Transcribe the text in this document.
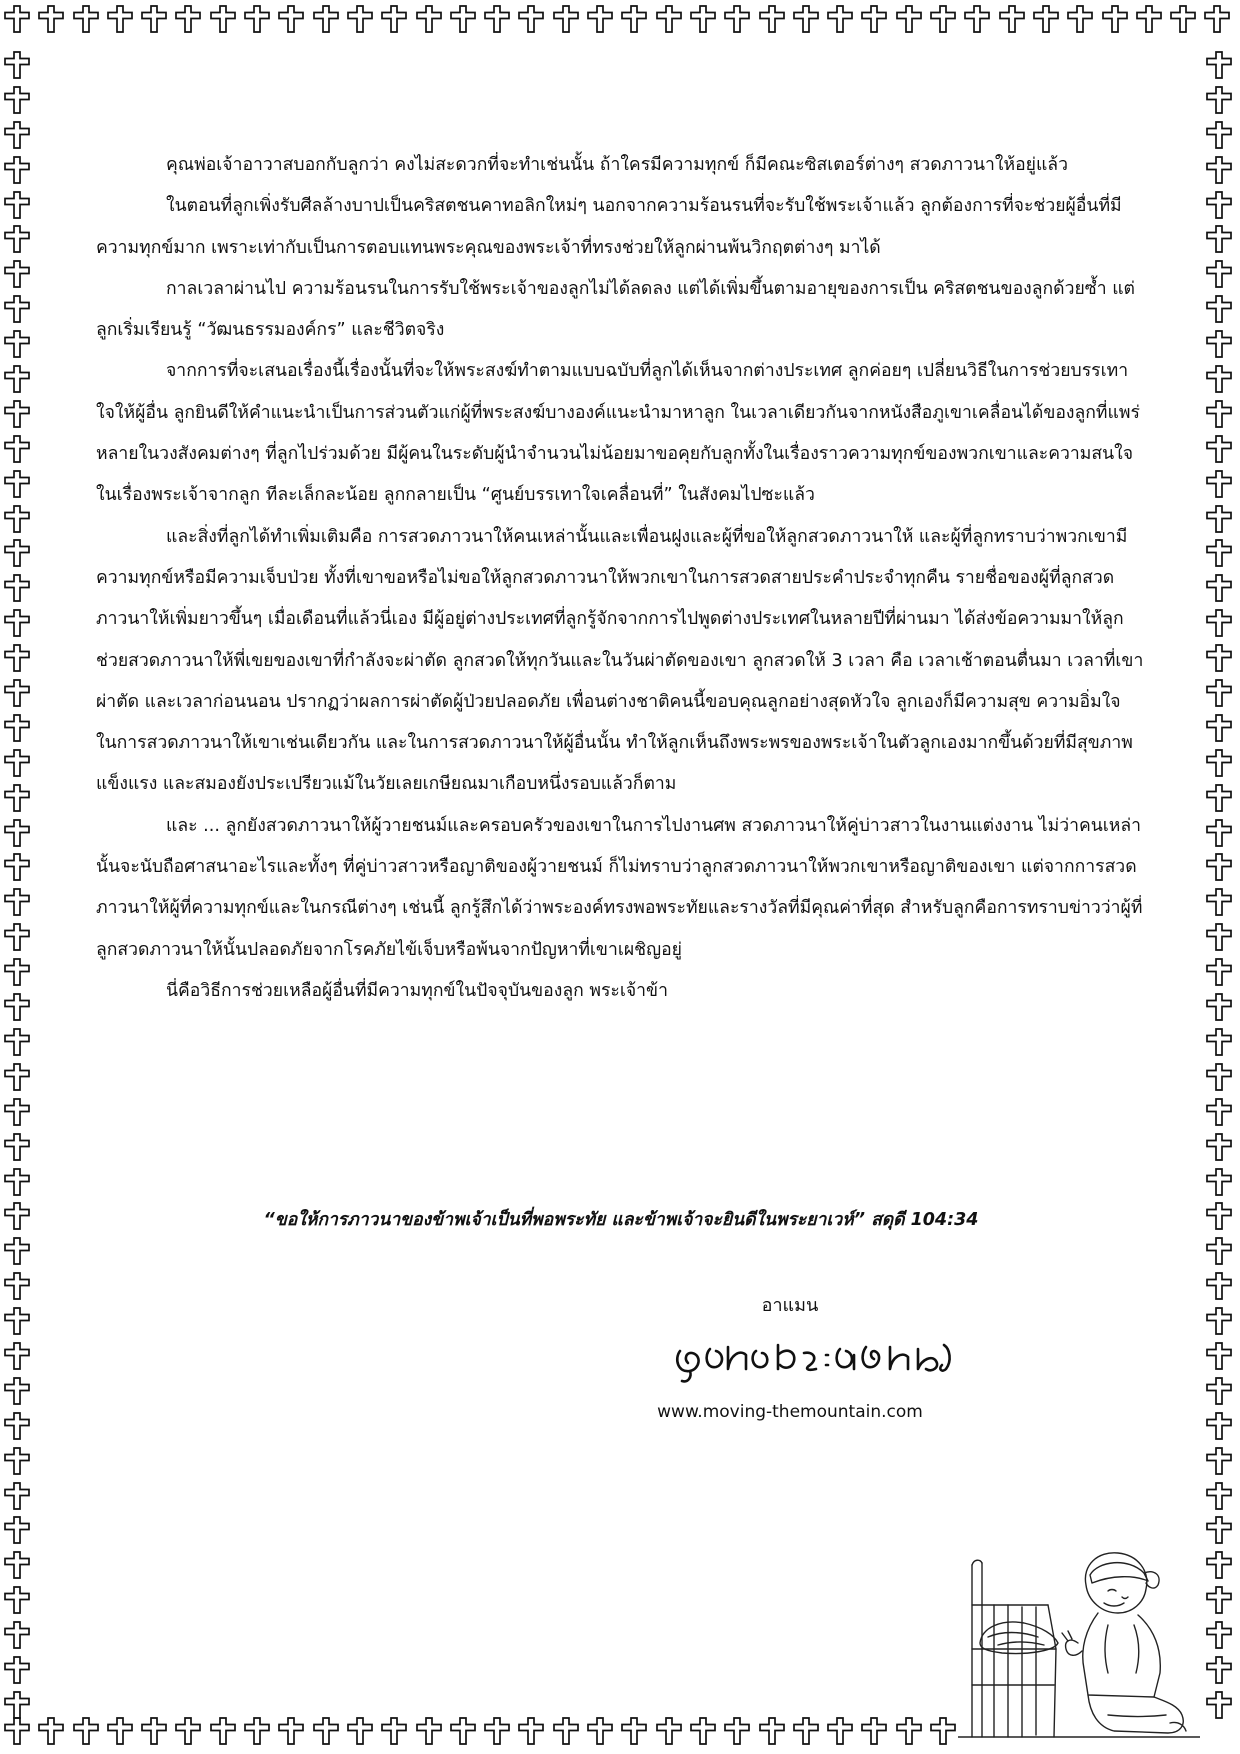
คุณพ่อเจ้าอาวาสบอกกับลูกว่า คงไม่สะดวกที่จะทำเช่นนั้น ถ้าใครมีความทุกข์ ก็มีคณะซิสเตอร์ต่างๆ สวดภาวนาให้อยู่แล้ว

ในตอนที่ลูกเพิ่งรับศีลล้างบาปเป็นคริสตชนคาทอลิกใหม่ๆ นอกจากความร้อนรนที่จะรับใช้พระเจ้าแล้ว ลูกต้องการที่จะช่วยผู้อื่นที่มีความทุกข์มาก เพราะเท่ากับเป็นการตอบแทนพระคุณของพระเจ้าที่ทรงช่วยให้ลูกผ่านพ้นวิกฤตต่างๆ มาได้

กาลเวลาผ่านไป ความร้อนรนในการรับใช้พระเจ้าของลูกไม่ได้ลดลง แต่ได้เพิ่มขึ้นตามอายุของการเป็น คริสตชนของลูกด้วยซ้ำ แต่ลูกเริ่มเรียนรู้ “วัฒนธรรมองค์กร” และชีวิตจริง

จากการที่จะเสนอเรื่องนี้เรื่องนั้นที่จะให้พระสงฆ์ทำตามแบบฉบับที่ลูกได้เห็นจากต่างประเทศ ลูกค่อยๆ เปลี่ยนวิธีในการช่วยบรรเทาใจให้ผู้อื่น ลูกยินดีให้คำแนะนำเป็นการส่วนตัวแก่ผู้ที่พระสงฆ์บางองค์แนะนำมาหาลูก ในเวลาเดียวกันจากหนังสือภูเขาเคลื่อนได้ของลูกที่แพร่หลายในวงสังคมต่างๆ ที่ลูกไปร่วมด้วย มีผู้คนในระดับผู้นำจำนวนไม่น้อยมาขอคุยกับลูกทั้งในเรื่องราวความทุกข์ของพวกเขาและความสนใจในเรื่องพระเจ้าจากลูก ทีละเล็กละน้อย ลูกกลายเป็น “ศูนย์บรรเทาใจเคลื่อนที่” ในสังคมไปซะแล้ว

และสิ่งที่ลูกได้ทำเพิ่มเติมคือ การสวดภาวนาให้คนเหล่านั้นและเพื่อนฝูงและผู้ที่ขอให้ลูกสวดภาวนาให้ และผู้ที่ลูกทราบว่าพวกเขามีความทุกข์หรือมีความเจ็บป่วย ทั้งที่เขาขอหรือไม่ขอให้ลูกสวดภาวนาให้พวกเขาในการสวดสายประคำประจำทุกคืน รายชื่อของผู้ที่ลูกสวดภาวนาให้เพิ่มยาวขึ้นๆ เมื่อเดือนที่แล้วนี่เอง มีผู้อยู่ต่างประเทศที่ลูกรู้จักจากการไปพูดต่างประเทศในหลายปีที่ผ่านมา ได้ส่งข้อความมาให้ลูกช่วยสวดภาวนาให้พี่เขยของเขาที่กำลังจะผ่าตัด ลูกสวดให้ทุกวันและในวันผ่าตัดของเขา ลูกสวดให้ 3 เวลา คือ เวลาเช้าตอนตื่นมา เวลาที่เขาผ่าตัด และเวลาก่อนนอน ปรากฏว่าผลการผ่าตัดผู้ป่วยปลอดภัย เพื่อนต่างชาติคนนี้ขอบคุณลูกอย่างสุดหัวใจ ลูกเองก็มีความสุข ความอิ่มใจ ในการสวดภาวนาให้เขาเช่นเดียวกัน และในการสวดภาวนาให้ผู้อื่นนั้น ทำให้ลูกเห็นถึงพระพรของพระเจ้าในตัวลูกเองมากขึ้นด้วยที่มีสุขภาพแข็งแรง และสมองยังประเปรียวแม้ในวัยเลยเกษียณมาเกือบหนึ่งรอบแล้วก็ตาม

และ ... ลูกยังสวดภาวนาให้ผู้วายชนม์และครอบครัวของเขาในการไปงานศพ สวดภาวนาให้คู่บ่าวสาวในงานแต่งงาน ไม่ว่าคนเหล่านั้นจะนับถือศาสนาอะไรและทั้งๆ ที่คู่บ่าวสาวหรือญาติของผู้วายชนม์ ก็ไม่ทราบว่าลูกสวดภาวนาให้พวกเขาหรือญาติของเขา แต่จากการสวดภาวนาให้ผู้ที่ความทุกข์และในกรณีต่างๆ เช่นนี้ ลูกรู้สึกได้ว่าพระองค์ทรงพอพระทัยและรางวัลที่มีคุณค่าที่สุด สำหรับลูกคือการทราบข่าวว่าผู้ที่ลูกสวดภาวนาให้นั้นปลอดภัยจากโรคภัยไข้เจ็บหรือพ้นจากปัญหาที่เขาเผชิญอยู่

นี่คือวิธีการช่วยเหลือผู้อื่นที่มีความทุกข์ในปัจจุบันของลูก พระเจ้าข้า

“ขอให้การภาวนาของข้าพเจ้าเป็นที่พอพระทัย และข้าพเจ้าจะยินดีในพระยาเวห์” สดุดี 104:34
อาแมน
www.moving-themountain.com
